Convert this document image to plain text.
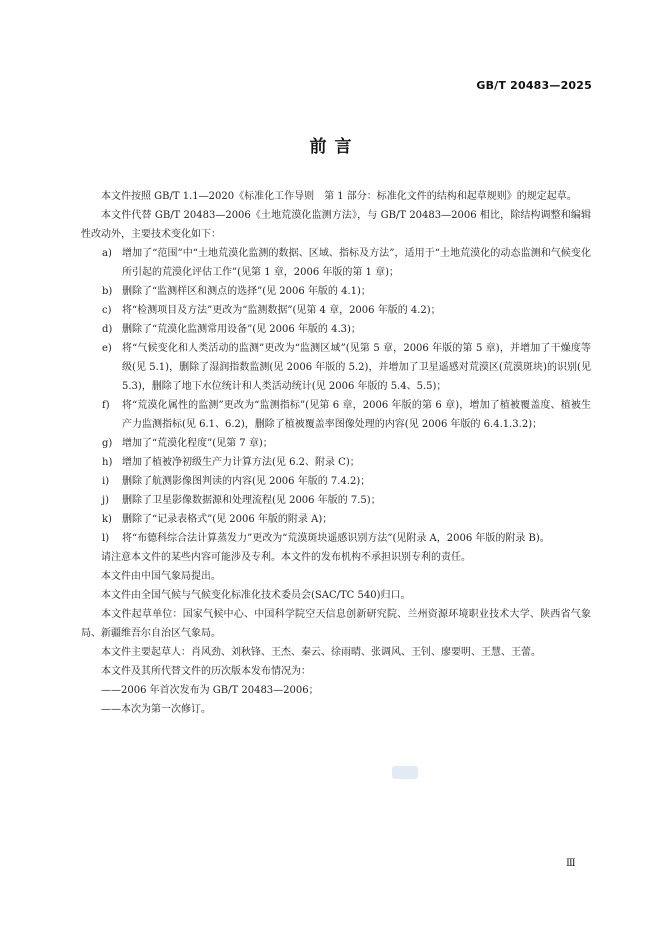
GB/T 20483—2025
前 言

本文件按照 GB/T 1.1—2020《标准化工作导则　第 1 部分：标准化文件的结构和起草规则》的规定起草。

本文件代替 GB/T 20483—2006《土地荒漠化监测方法》，与 GB/T 20483—2006 相比，除结构调整和编辑性改动外，主要技术变化如下：

a) 增加了“范围”中“土地荒漠化监测的数据、区域、指标及方法”，适用于“土地荒漠化的动态监测和气候变化所引起的荒漠化评估工作”(见第 1 章，2006 年版的第 1 章)；
b) 删除了“监测样区和测点的选择”(见 2006 年版的 4.1)；
c) 将“检测项目及方法”更改为“监测数据”(见第 4 章，2006 年版的 4.2)；
d) 删除了“荒漠化监测常用设备”(见 2006 年版的 4.3)；
e) 将“气候变化和人类活动的监测”更改为“监测区域”(见第 5 章，2006 年版的第 5 章)，并增加了干燥度等级(见 5.1)，删除了湿润指数监测(见 2006 年版的 5.2)，并增加了卫星遥感对荒漠区(荒漠斑块)的识别(见 5.3)，删除了地下水位统计和人类活动统计(见 2006 年版的 5.4、5.5)；
f) 将“荒漠化属性的监测”更改为“监测指标”(见第 6 章，2006 年版的第 6 章)，增加了植被覆盖度、植被生产力监测指标(见 6.1、6.2)，删除了植被覆盖率图像处理的内容(见 2006 年版的 6.4.1.3.2)；
g) 增加了“荒漠化程度”(见第 7 章)；
h) 增加了植被净初级生产力计算方法(见 6.2、附录 C)；
i) 删除了航测影像图判读的内容(见 2006 年版的 7.4.2)；
j) 删除了卫星影像数据源和处理流程(见 2006 年版的 7.5)；
k) 删除了“记录表格式”(见 2006 年版的附录 A)；
l) 将“布德科综合法计算蒸发力”更改为“荒漠斑块遥感识别方法”(见附录 A，2006 年版的附录 B)。

请注意本文件的某些内容可能涉及专利。本文件的发布机构不承担识别专利的责任。

本文件由中国气象局提出。

本文件由全国气候与气候变化标准化技术委员会(SAC/TC 540)归口。

本文件起草单位：国家气候中心、中国科学院空天信息创新研究院、兰州资源环境职业技术大学、陕西省气象局、新疆维吾尔自治区气象局。

本文件主要起草人：肖风劲、刘秋锋、王杰、秦云、徐雨晴、张调风、王钊、廖要明、王慧、王蕾。

本文件及其所代替文件的历次版本发布情况为：

——2006 年首次发布为 GB/T 20483—2006；

——本次为第一次修订。

Ⅲ
